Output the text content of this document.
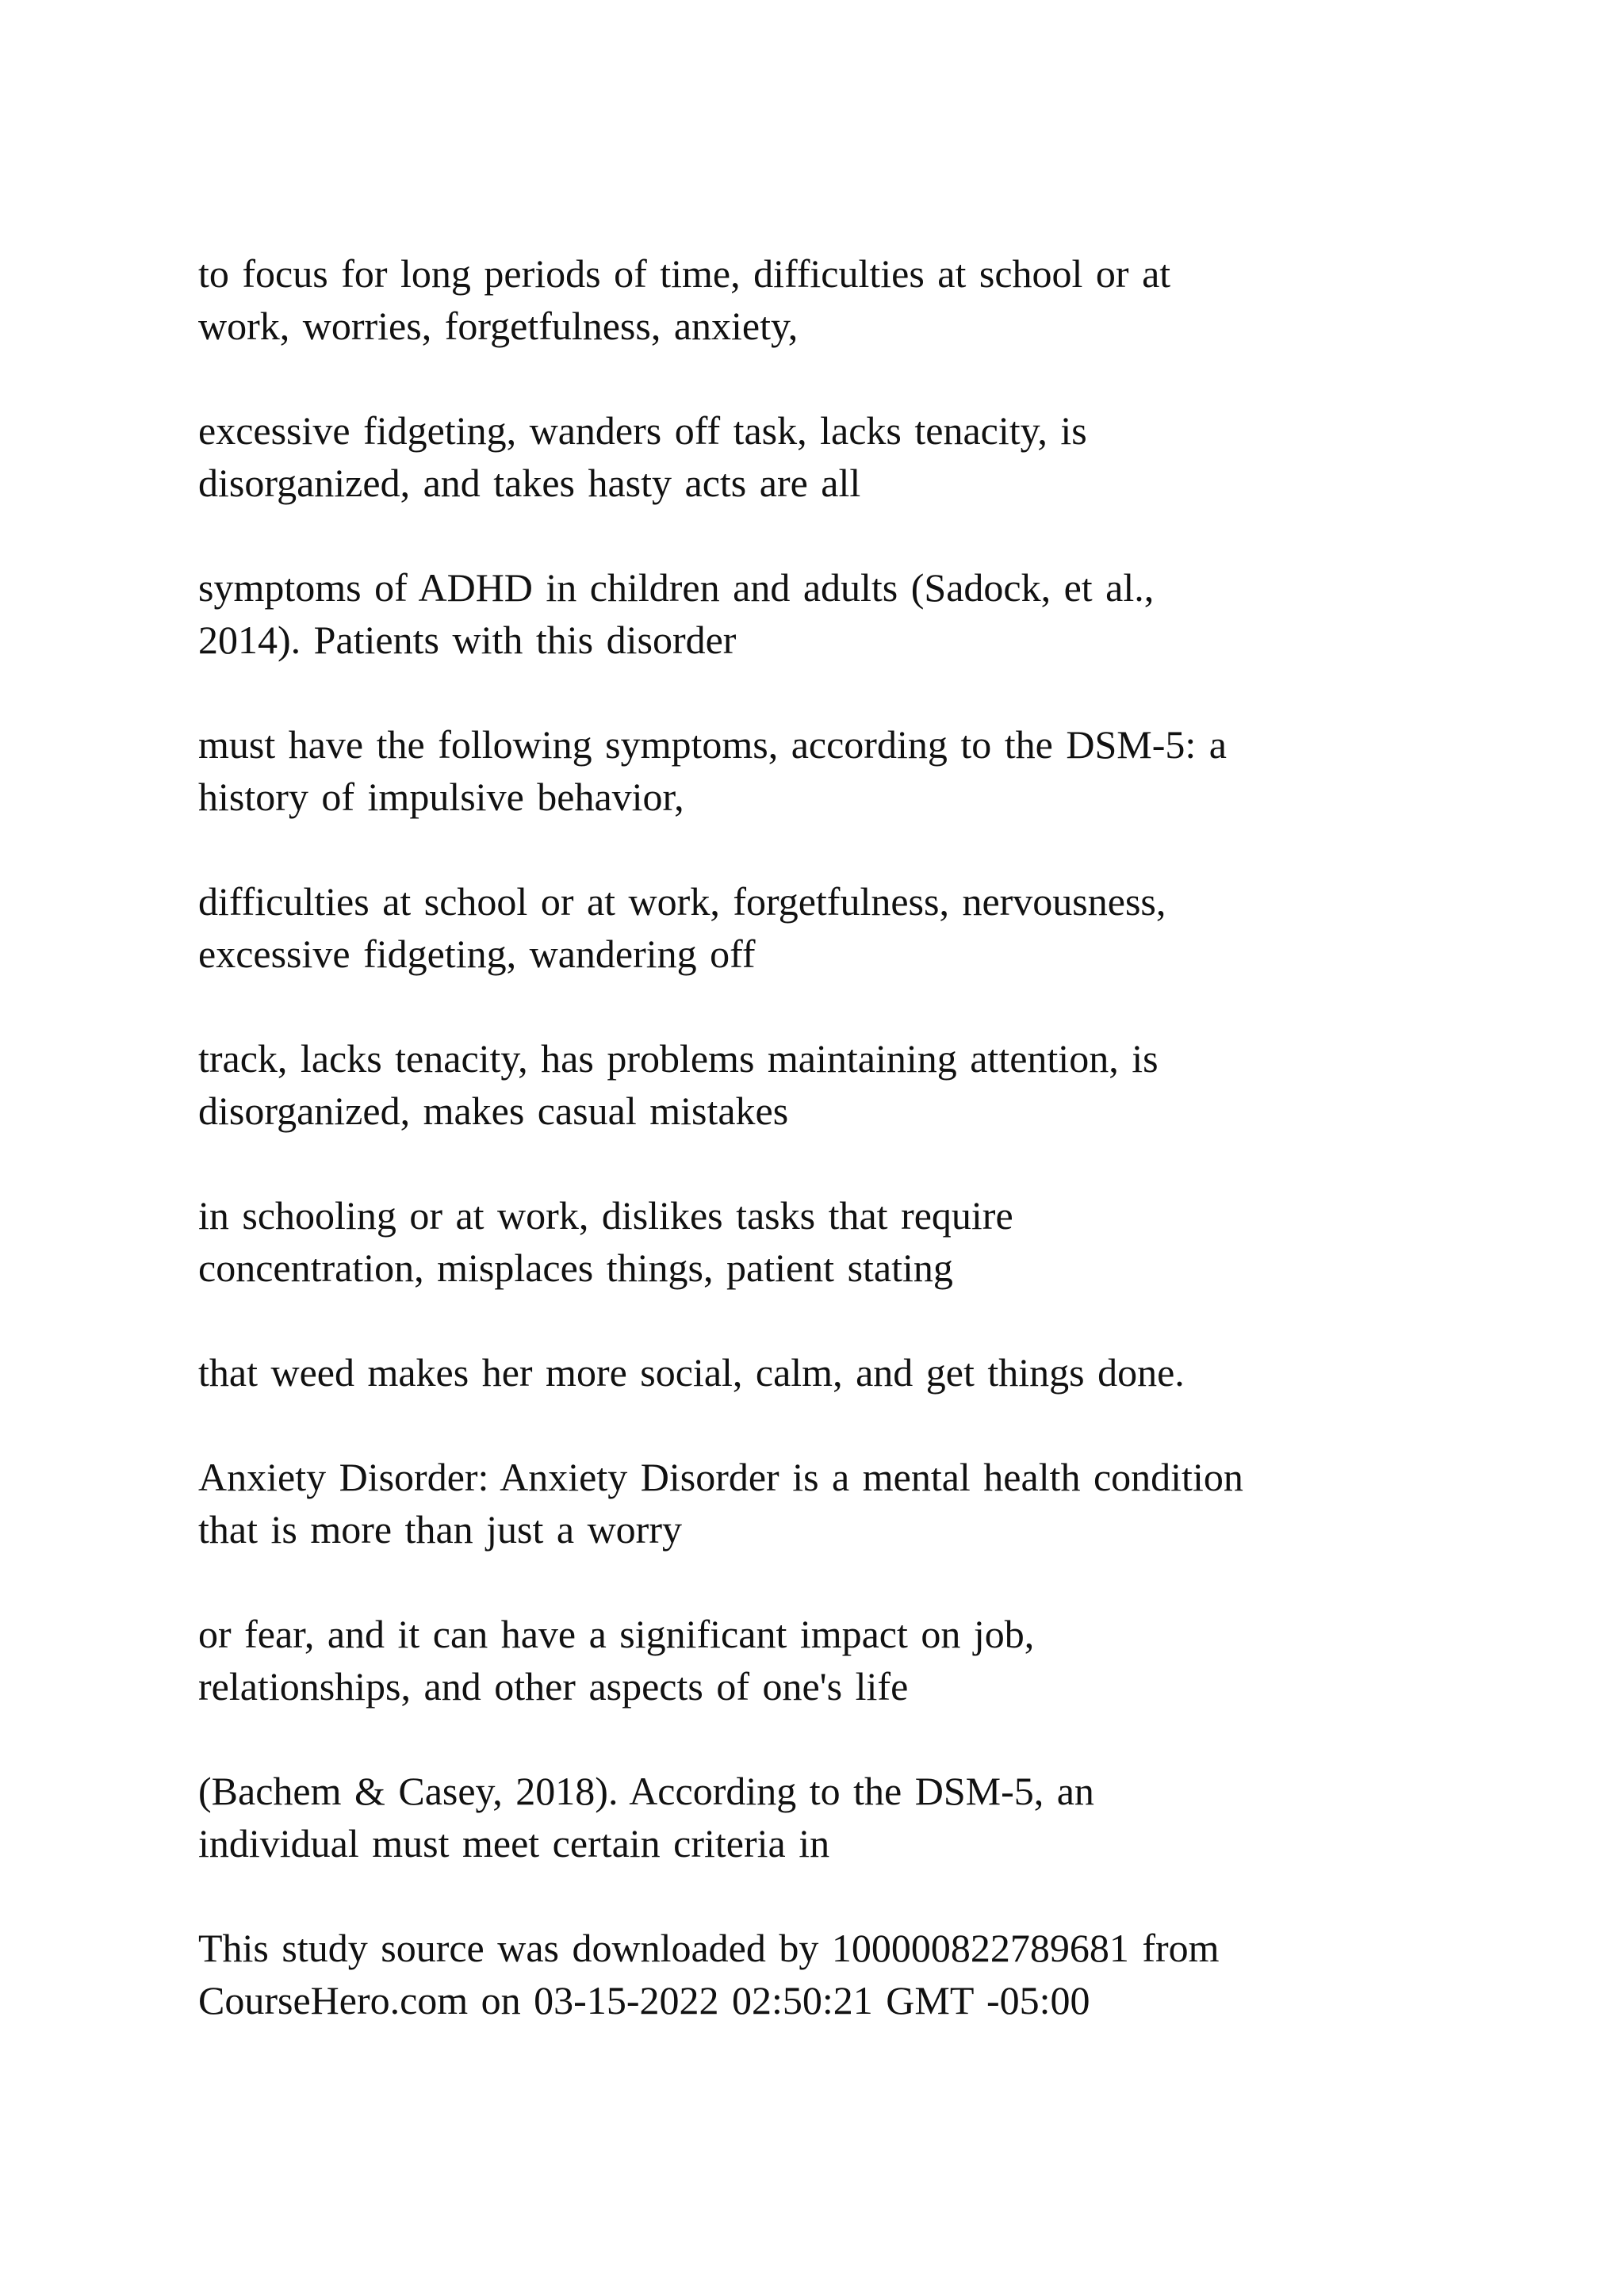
to focus for long periods of time, difficulties at school or at
work, worries, forgetfulness, anxiety,

excessive fidgeting, wanders off task, lacks tenacity, is
disorganized, and takes hasty acts are all

symptoms of ADHD in children and adults (Sadock, et al.,
2014). Patients with this disorder

must have the following symptoms, according to the DSM-5: a
history of impulsive behavior,

difficulties at school or at work, forgetfulness, nervousness,
excessive fidgeting, wandering off

track, lacks tenacity, has problems maintaining attention, is
disorganized, makes casual mistakes

in schooling or at work, dislikes tasks that require
concentration, misplaces things, patient stating

that weed makes her more social, calm, and get things done.

Anxiety Disorder: Anxiety Disorder is a mental health condition
that is more than just a worry

or fear, and it can have a significant impact on job,
relationships, and other aspects of one's life

(Bachem & Casey, 2018). According to the DSM-5, an
individual must meet certain criteria in

This study source was downloaded by 100000822789681 from
CourseHero.com on 03-15-2022 02:50:21 GMT -05:00
